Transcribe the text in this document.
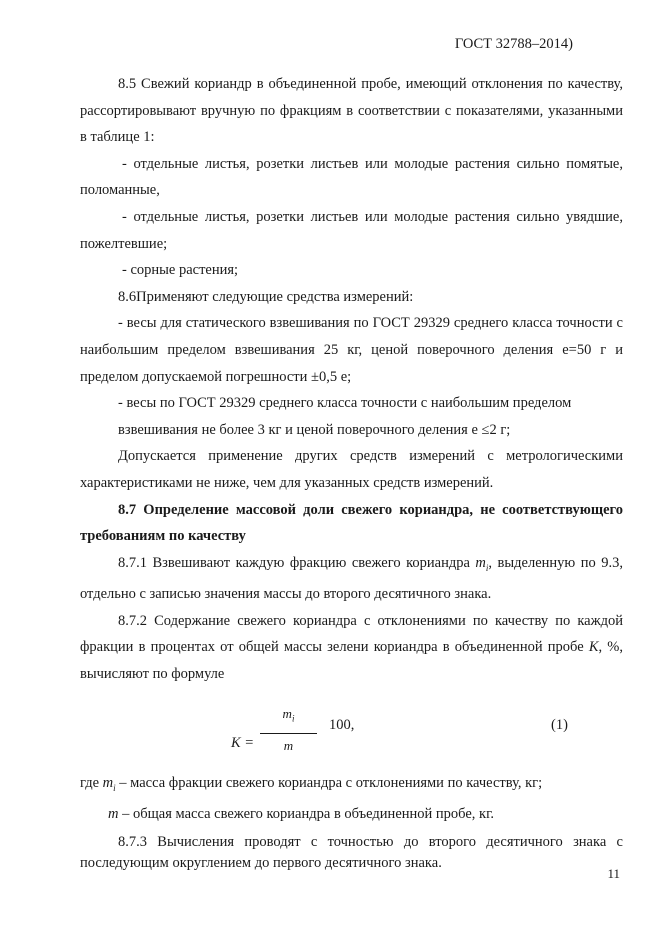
ГОСТ 32788–2014)

8.5 Свежий кориандр в объединенной пробе, имеющий отклонения по качеству, рассортировывают вручную по фракциям в соответствии с показателями, указанными в таблице 1:

- отдельные листья, розетки листьев или молодые растения сильно помятые, поломанные,

- отдельные листья, розетки листьев или молодые растения сильно увядшие, пожелтевшие;

- сорные растения;

8.6Применяют следующие средства измерений:

- весы для статического взвешивания по ГОСТ 29329 среднего класса точности с наибольшим пределом взвешивания 25 кг, ценой поверочного деления e=50 г и пределом допускаемой погрешности ±0,5 е;

- весы по ГОСТ 29329 среднего класса точности с наибольшим пределом

взвешивания не более 3 кг и ценой поверочного деления е ≤2 г;

Допускается применение других средств измерений с метрологическими характеристиками не ниже, чем для указанных средств измерений.

8.7 Определение массовой доли свежего кориандра, не соответствующего требованиям по качеству

8.7.1 Взвешивают каждую фракцию свежего кориандра $m_i$, выделенную по 9.3, отдельно с записью значения массы до второго десятичного знака.

8.7.2 Содержание свежего кориандра с отклонениями по качеству по каждой фракции в процентах от общей массы зелени кориандра в объединенной пробе K, %, вычисляют по формуле

K =
$m_i$
m
100,	(1)

где $m_i$ – масса фракции свежего кориандра с отклонениями по качеству, кг;

m – общая масса свежего кориандра в объединенной пробе, кг.

8.7.3 Вычисления проводят с точностью до второго десятичного знака с последующим округлением до первого десятичного знака.

11
